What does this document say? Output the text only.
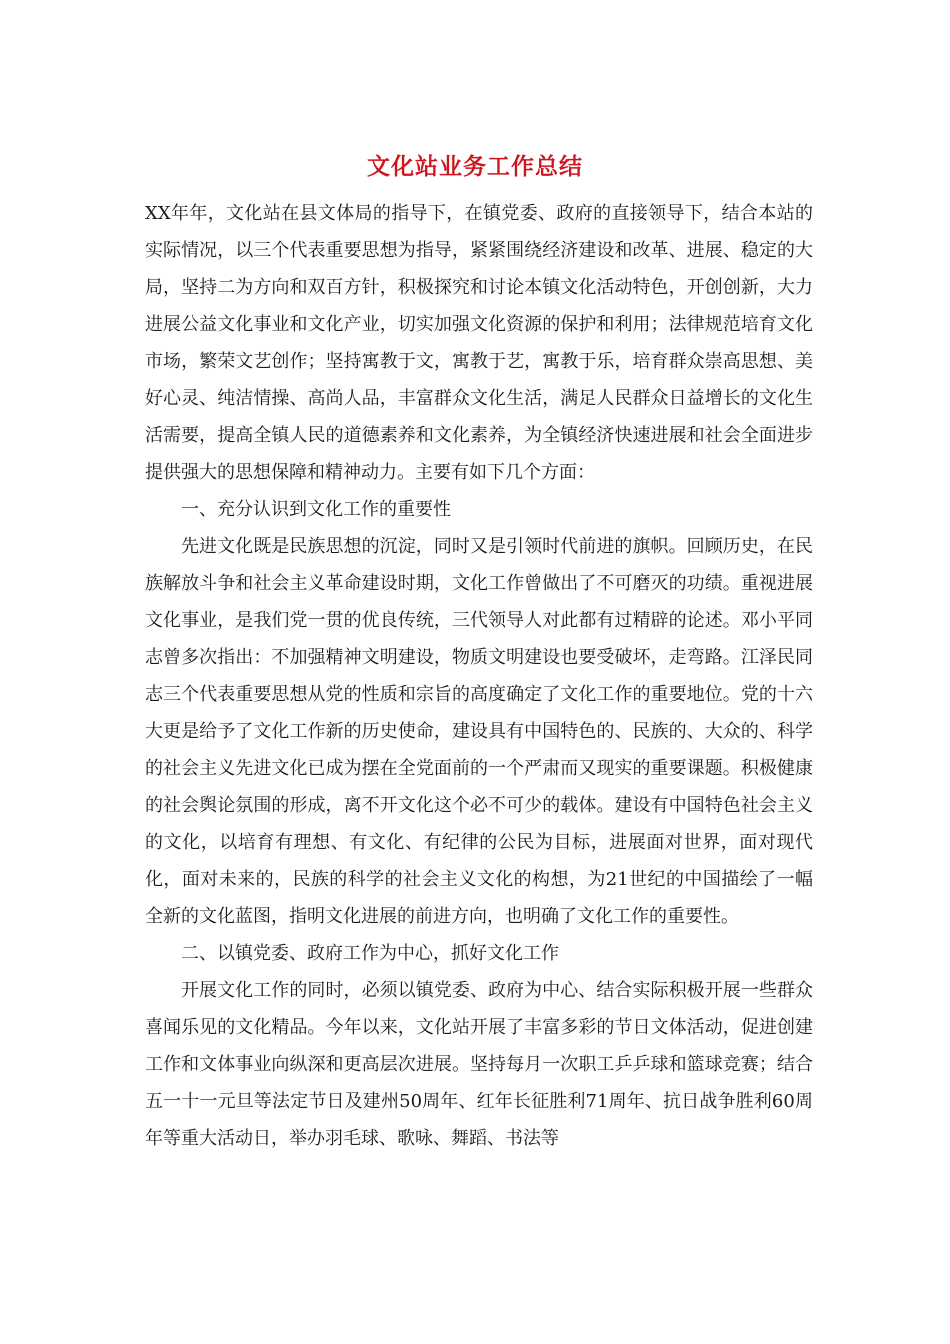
文化站业务工作总结

XX年年，文化站在县文体局的指导下，在镇党委、政府的直接领导下，结合本站的实际情况，以三个代表重要思想为指导，紧紧围绕经济建设和改革、进展、稳定的大局，坚持二为方向和双百方针，积极探究和讨论本镇文化活动特色，开创创新，大力进展公益文化事业和文化产业，切实加强文化资源的保护和利用；法律规范培育文化市场，繁荣文艺创作；坚持寓教于文，寓教于艺，寓教于乐，培育群众崇高思想、美好心灵、纯洁情操、高尚人品，丰富群众文化生活，满足人民群众日益增长的文化生活需要，提高全镇人民的道德素养和文化素养，为全镇经济快速进展和社会全面进步提供强大的思想保障和精神动力。主要有如下几个方面：

一、充分认识到文化工作的重要性

先进文化既是民族思想的沉淀，同时又是引领时代前进的旗帜。回顾历史，在民族解放斗争和社会主义革命建设时期，文化工作曾做出了不可磨灭的功绩。重视进展文化事业，是我们党一贯的优良传统，三代领导人对此都有过精辟的论述。邓小平同志曾多次指出：不加强精神文明建设，物质文明建设也要受破坏，走弯路。江泽民同志三个代表重要思想从党的性质和宗旨的高度确定了文化工作的重要地位。党的十六大更是给予了文化工作新的历史使命，建设具有中国特色的、民族的、大众的、科学的社会主义先进文化已成为摆在全党面前的一个严肃而又现实的重要课题。积极健康的社会舆论氛围的形成，离不开文化这个必不可少的载体。建设有中国特色社会主义的文化，以培育有理想、有文化、有纪律的公民为目标，进展面对世界，面对现代化，面对未来的，民族的科学的社会主义文化的构想，为21世纪的中国描绘了一幅全新的文化蓝图，指明文化进展的前进方向，也明确了文化工作的重要性。

二、以镇党委、政府工作为中心，抓好文化工作

开展文化工作的同时，必须以镇党委、政府为中心、结合实际积极开展一些群众喜闻乐见的文化精品。今年以来，文化站开展了丰富多彩的节日文体活动，促进创建工作和文体事业向纵深和更高层次进展。坚持每月一次职工乒乒球和篮球竞赛；结合五一十一元旦等法定节日及建州50周年、红年长征胜利71周年、抗日战争胜利60周年等重大活动日，举办羽毛球、歌咏、舞蹈、书法等
